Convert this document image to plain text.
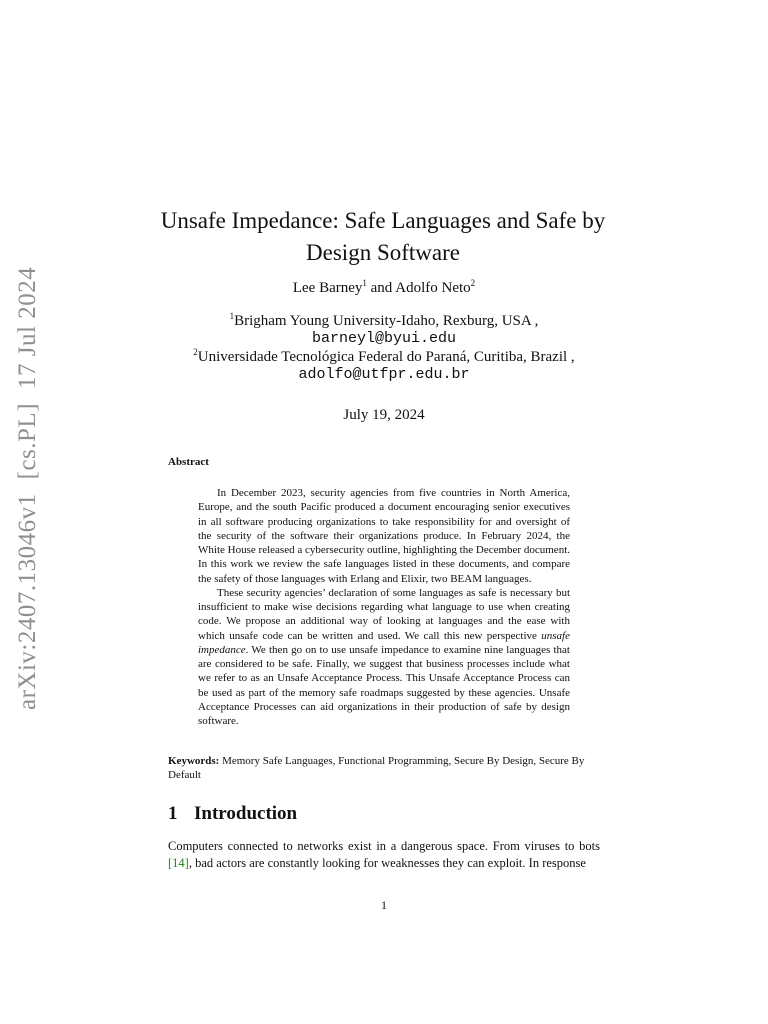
arXiv:2407.13046v1[cs.PL]17 Jul 2024
Unsafe Impedance: Safe Languages and Safe by
Design Software
Lee Barney$^1$ and Adolfo Neto$^2$
$^1$Brigham Young University-Idaho, Rexburg, USA ,
barneyl@byui.edu
$^2$Universidade Tecnológica Federal do Paraná, Curitiba, Brazil ,
adolfo@utfpr.edu.br
July 19, 2024
Abstract

In December 2023, security agencies from five countries in North America, Europe, and the south Pacific produced a document encouraging senior executives in all software producing organizations to take responsibility for and oversight of the security of the software their organizations produce. In February 2024, the White House released a cybersecurity outline, highlighting the December document. In this work we review the safe languages listed in these documents, and compare the safety of those languages with Erlang and Elixir, two BEAM languages.

These security agencies’ declaration of some languages as safe is necessary but insufficient to make wise decisions regarding what language to use when creating code. We propose an additional way of looking at languages and the ease with which unsafe code can be written and used. We call this new perspective unsafe impedance. We then go on to use unsafe impedance to examine nine languages that are considered to be safe. Finally, we suggest that business processes include what we refer to as an Unsafe Acceptance Process. This Unsafe Acceptance Process can be used as part of the memory safe roadmaps suggested by these agencies. Unsafe Acceptance Processes can aid organizations in their production of safe by design software.

Keywords: Memory Safe Languages, Functional Programming, Secure By Design, Secure By Default
1 Introduction
Computers connected to networks exist in a dangerous space. From viruses to bots [14], bad actors are constantly looking for weaknesses they can exploit. In response
1
